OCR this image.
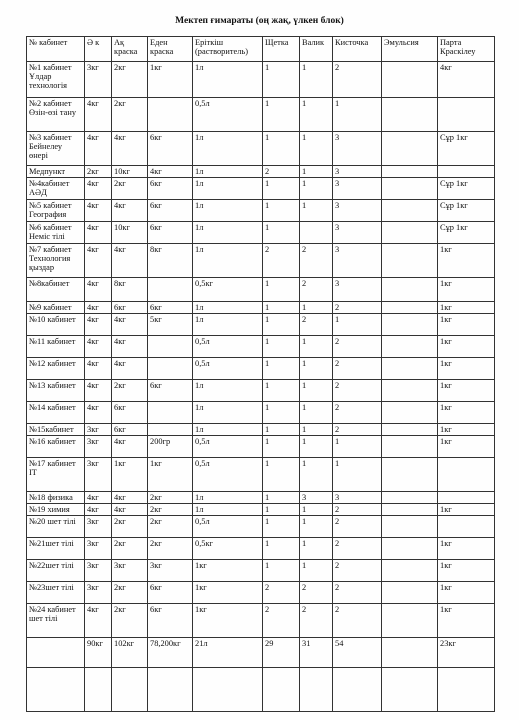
Мектеп ғимараты (оң жақ, үлкен блок)
№ кабинет	Ә к	Ақ краска	Еден краска	Еріткіш (растворитель)	Щетка	Валик	Кисточка	Эмульсия	Парта Краскілеу
№1 кабинет Ұлдар технологія	3кг	2кг	1кг	1л	1	1	2		4кг
№2 кабинет Өзін-өзі тану	4кг	2кг		0,5л	1	1	1		
№3 кабинет Бейнелеу өнері	4кг	4кг	6кг	1л	1	1	3		Сұр 1кг
Медпункт	2кг	10кг	4кг	1л	2	1	3		
№4кабинет АӘД	4кг	2кг	6кг	1л	1	1	3		Сұр 1кг
№5 кабинет География	4кг	4кг	6кг	1л	1	1	3		Сұр 1кг
№6 кабинет Неміс тілі	4кг	10кг	6кг	1л	1		3		Сұр 1кг
№7 кабинет Технология қыздар	4кг	4кг	8кг	1л	2	2	3		1кг
№8кабинет	4кг	8кг		0,5кг	1	2	3		1кг
№9 кабинет	4кг	6кг	6кг	1л	1	1	2		1кг
№10 кабинет	4кг	4кг	5кг	1л	1	2	1		1кг
№11 кабинет	4кг	4кг		0,5л	1	1	2		1кг
№12 кабинет	4кг	4кг		0,5л	1	1	2		1кг
№13 кабинет	4кг	2кг	6кг	1л	1	1	2		1кг
№14 кабинет	4кг	6кг		1л	1	1	2		1кг
№15кабинет	3кг	6кг		1л	1	1	2		1кг
№16 кабинет	3кг	4кг	200гр	0,5л	1	1	1		1кг
№17 кабинет IT	3кг	1кг	1кг	0,5л	1	1	1		
№18 физика	4кг	4кг	2кг	1л	1	3	3		
№19 химия	4кг	4кг	2кг	1л	1	1	2		1кг
№20 шет тілі	3кг	2кг	2кг	0,5л	1	1	2		
№21шет тілі	3кг	2кг	2кг	0,5кг	1	1	2		1кг
№22шет тілі	3кг	3кг	3кг	1кг	1	1	2		1кг
№23шет тілі	3кг	2кг	6кг	1кг	2	2	2		1кг
№24 кабинет шет тілі	4кг	2кг	6кг	1кг	2	2	2		1кг
	90кг	102кг	78,200кг	21л	29	31	54		23кг
